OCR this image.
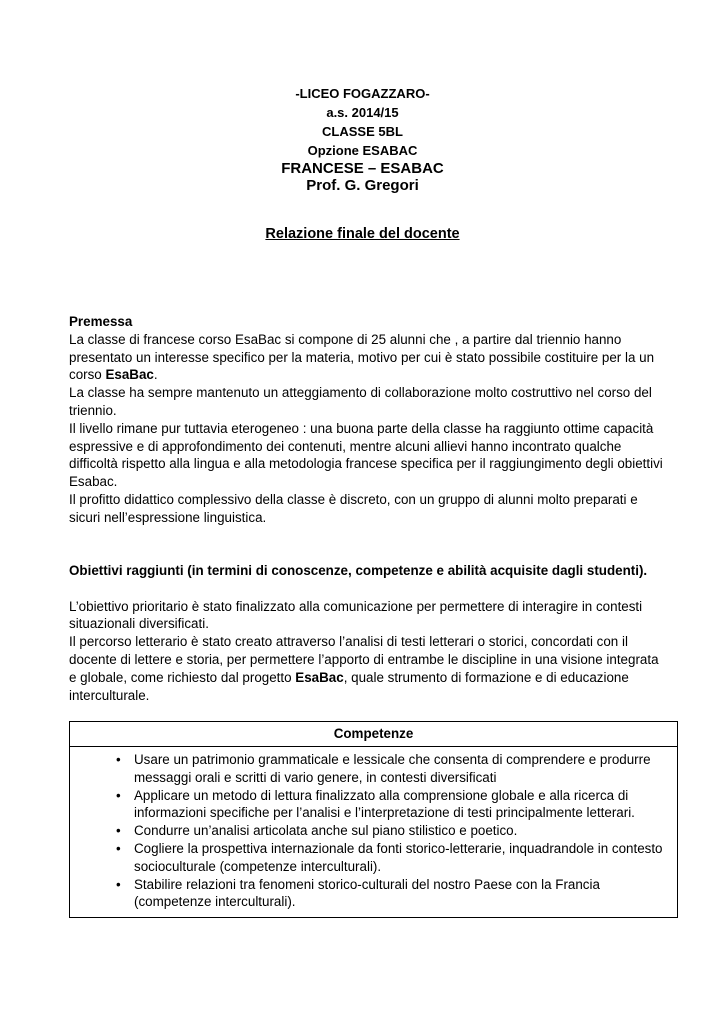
-LICEO FOGAZZARO-
a.s. 2014/15
CLASSE 5BL
Opzione ESABAC
FRANCESE – ESABAC
Prof. G. Gregori
Relazione finale del docente

Premessa

La classe di francese corso EsaBac si compone di 25 alunni che , a partire dal triennio hanno presentato un interesse specifico per la materia, motivo per cui è stato possibile costituire per la un corso EsaBac.

La classe ha sempre mantenuto un atteggiamento di collaborazione molto costruttivo nel corso del triennio.

Il livello rimane pur tuttavia eterogeneo : una buona parte della classe ha raggiunto ottime capacità espressive e di approfondimento dei contenuti, mentre alcuni allievi hanno incontrato qualche difficoltà rispetto alla lingua e alla metodologia francese specifica per il raggiungimento degli obiettivi Esabac.

Il profitto didattico complessivo della classe è discreto, con un gruppo di alunni molto preparati e sicuri nell’espressione linguistica.

Obiettivi raggiunti (in termini di conoscenze, competenze e abilità acquisite dagli studenti).

L’obiettivo prioritario è stato finalizzato alla comunicazione per permettere di interagire in contesti situazionali diversificati.

Il percorso letterario è stato creato attraverso l’analisi di testi letterari o storici, concordati con il docente di lettere e storia, per permettere l’apporto di entrambe le discipline in una visione integrata e globale, come richiesto dal progetto EsaBac, quale strumento di formazione e di educazione interculturale.

Competenze
• Usare un patrimonio grammaticale e lessicale che consenta di comprendere e produrre messaggi orali e scritti di vario genere, in contesti diversificati
• Applicare un metodo di lettura finalizzato alla comprensione globale e alla ricerca di informazioni specifiche per l’analisi e l’interpretazione di testi principalmente letterari.
• Condurre un’analisi articolata anche sul piano stilistico e poetico.
• Cogliere la prospettiva internazionale da fonti storico-letterarie, inquadrandole in contesto socioculturale (competenze interculturali).
• Stabilire relazioni tra fenomeni storico-culturali del nostro Paese con la Francia (competenze interculturali).
